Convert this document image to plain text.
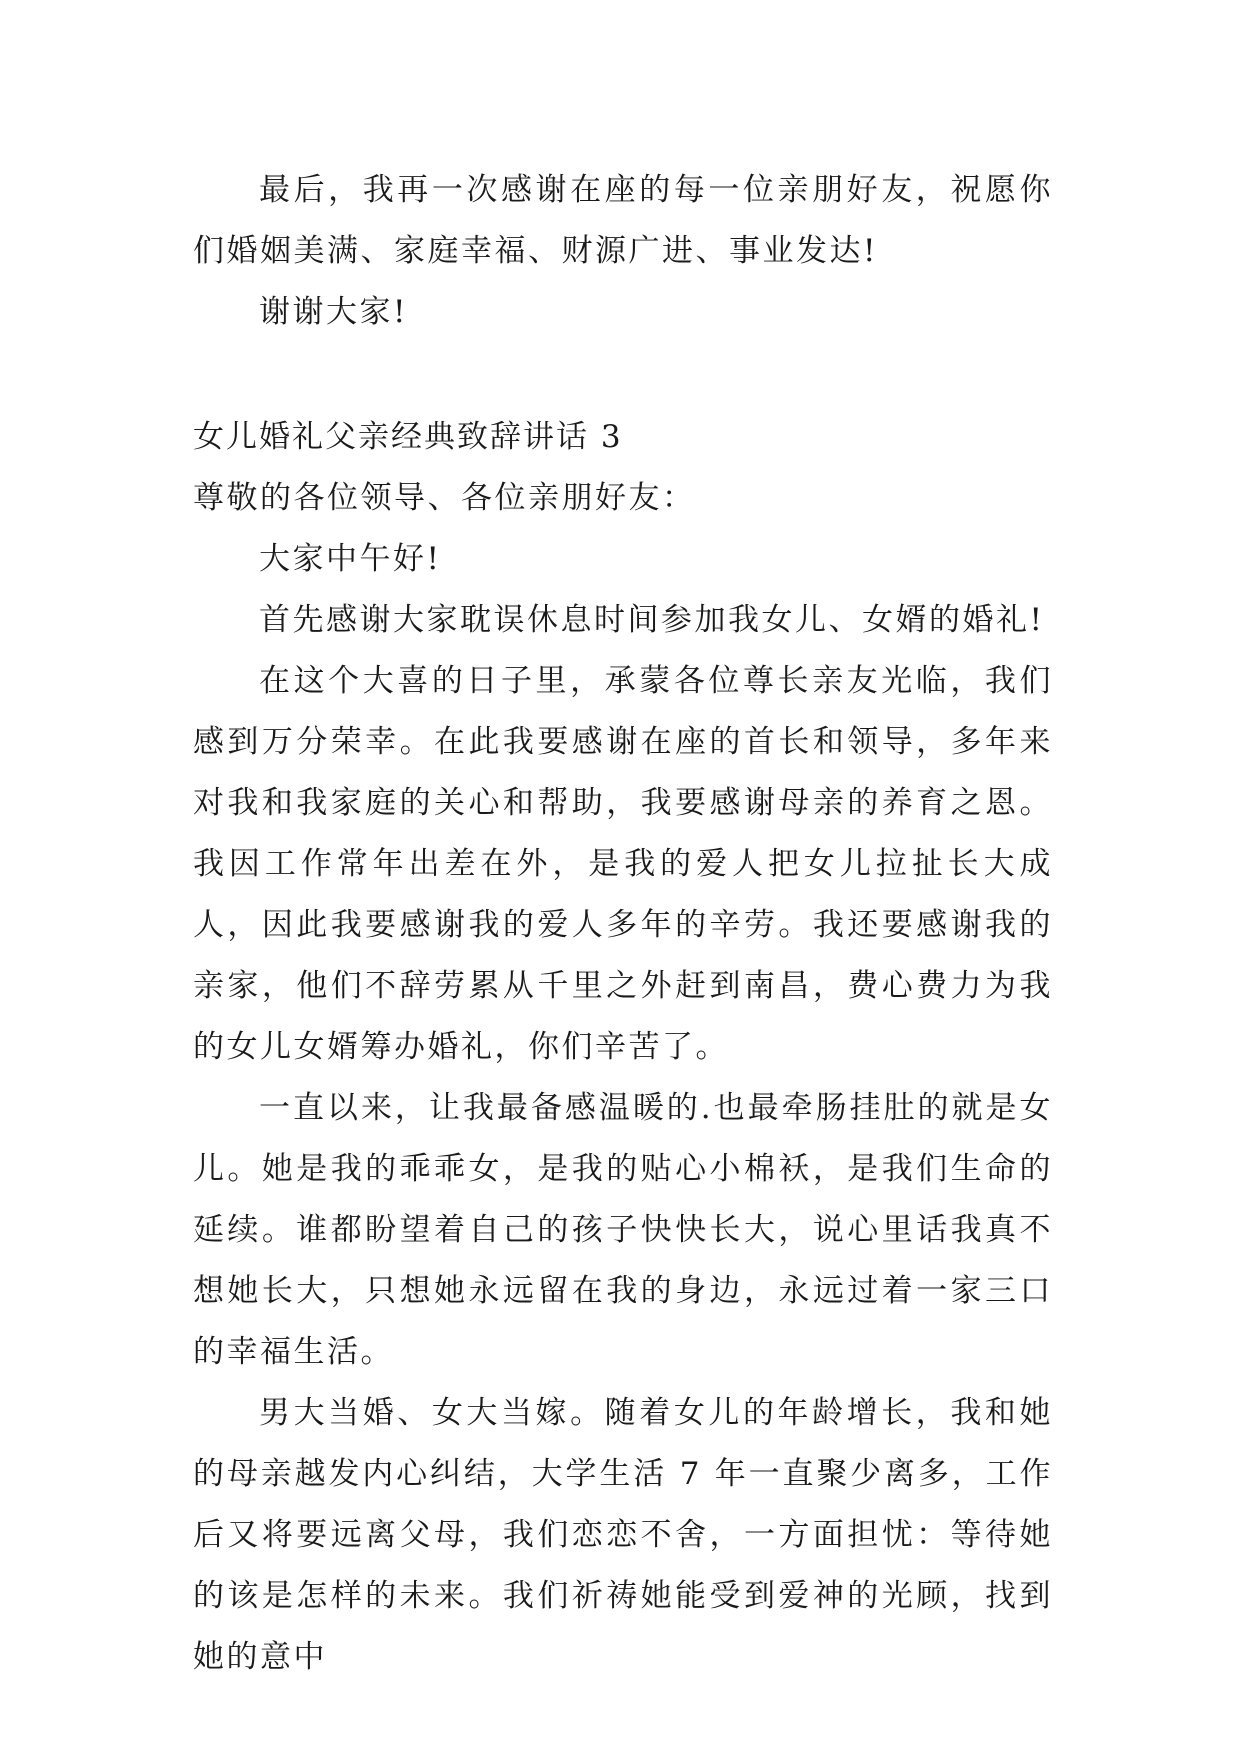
最后，我再一次感谢在座的每一位亲朋好友，祝愿你们婚姻美满、家庭幸福、财源广进、事业发达!

谢谢大家!

女儿婚礼父亲经典致辞讲话 3

尊敬的各位领导、各位亲朋好友：

大家中午好!

首先感谢大家耽误休息时间参加我女儿、女婿的婚礼!

在这个大喜的日子里，承蒙各位尊长亲友光临，我们感到万分荣幸。在此我要感谢在座的首长和领导，多年来对我和我家庭的关心和帮助，我要感谢母亲的养育之恩。我因工作常年出差在外，是我的爱人把女儿拉扯长大成人，因此我要感谢我的爱人多年的辛劳。我还要感谢我的亲家，他们不辞劳累从千里之外赶到南昌，费心费力为我的女儿女婿筹办婚礼，你们辛苦了。

一直以来，让我最备感温暖的.也最牵肠挂肚的就是女儿。她是我的乖乖女，是我的贴心小棉袄，是我们生命的延续。谁都盼望着自己的孩子快快长大，说心里话我真不想她长大，只想她永远留在我的身边，永远过着一家三口的幸福生活。

男大当婚、女大当嫁。随着女儿的年龄增长，我和她的母亲越发内心纠结，大学生活 7 年一直聚少离多，工作后又将要远离父母，我们恋恋不舍，一方面担忧：等待她的该是怎样的未来。我们祈祷她能受到爱神的光顾，找到她的意中
